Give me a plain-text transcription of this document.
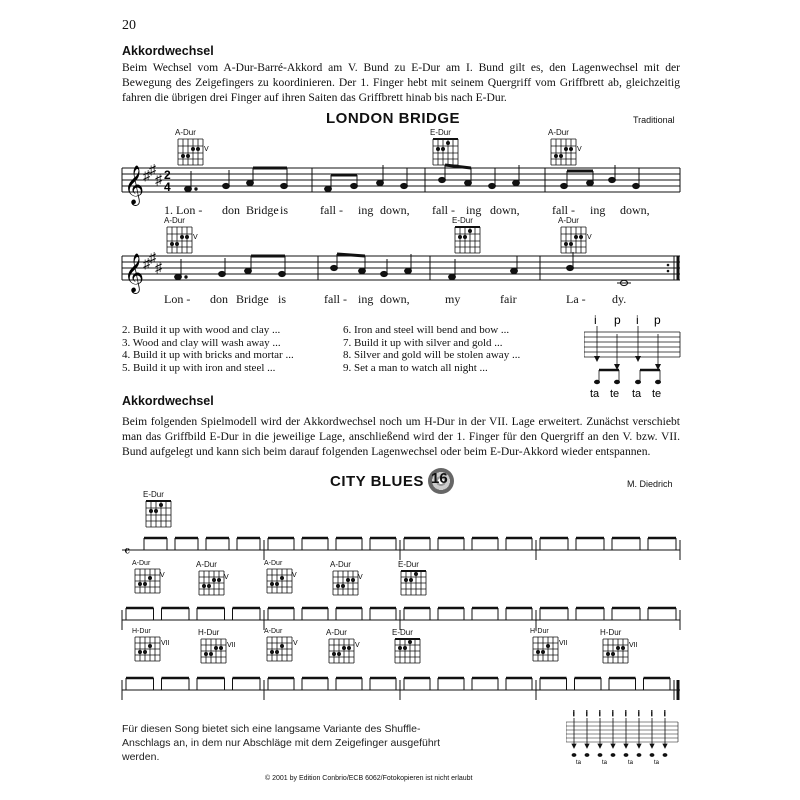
20
Akkordwechsel
Beim Wechsel vom A-Dur-Barré-Akkord am V. Bund zu E-Dur am I. Bund gilt es, den Lagenwechsel mit der Bewegung des Zeigefingers zu koordinieren. Der 1. Finger hebt mit seinem Quergriff vom Griffbrett ab, gleichzeitig fahren die übrigen drei Finger auf ihren Saiten das Griffbrett hinab bis nach E-Dur.
LONDON BRIDGE	Traditional
𝄞
♯ ♯
♯ 2
4
𝄞
♯ ♯
♯
A-Dur
V
E-Dur	A-Dur
V
1. Lon - don Bridge is	fall - ing down, fall - ing down,	fall - ing down,
A-Dur
V
E-Dur	A-Dur
V
Lon - don Bridge is	fall - ing down,	my	fair	La - dy.
2. Build it up with wood and clay ...
3. Wood and clay will wash away ...
4. Build it up with bricks and mortar ...
5. Build it up with iron and steel ...
6. Iron and steel will bend and bow ...
7. Build it up with silver and gold ...
8. Silver and gold will be stolen away ...
9. Set a man to watch all night ...
i p i p
ta te ta te
Akkordwechsel
Beim folgenden Spielmodell wird der Akkordwechsel noch um H-Dur in der VII. Lage erweitert. Zunächst verschiebt man das Griffbild E-Dur in die jeweilige Lage, anschließend wird der 1. Finger für den Quergriff an den V. bzw. VII. Bund aufgelegt und kann sich beim darauf folgenden Lagenwechsel oder beim E-Dur-Akkord wieder entspannen.
CITY BLUES 16	M. Diedrich
E-Dur
𝄴
A-Dur
V
A-Dur
V
A-Dur
V
A-Dur
V
E-Dur
H-Dur
VII
H-Dur
VII
A-Dur
V
A-Dur
V
E-Dur	H-Dur
VII
H-Dur
VII
Für diesen Song bietet sich eine langsame Variante des Shuffle-Anschlags an, in dem nur Abschläge mit dem Zeigefinger ausgeführt werden.
i i i i i i i i
ta	ta	ta	ta
© 2001 by Edition Conbrio/ECB 6062/Fotokopieren ist nicht erlaubt
